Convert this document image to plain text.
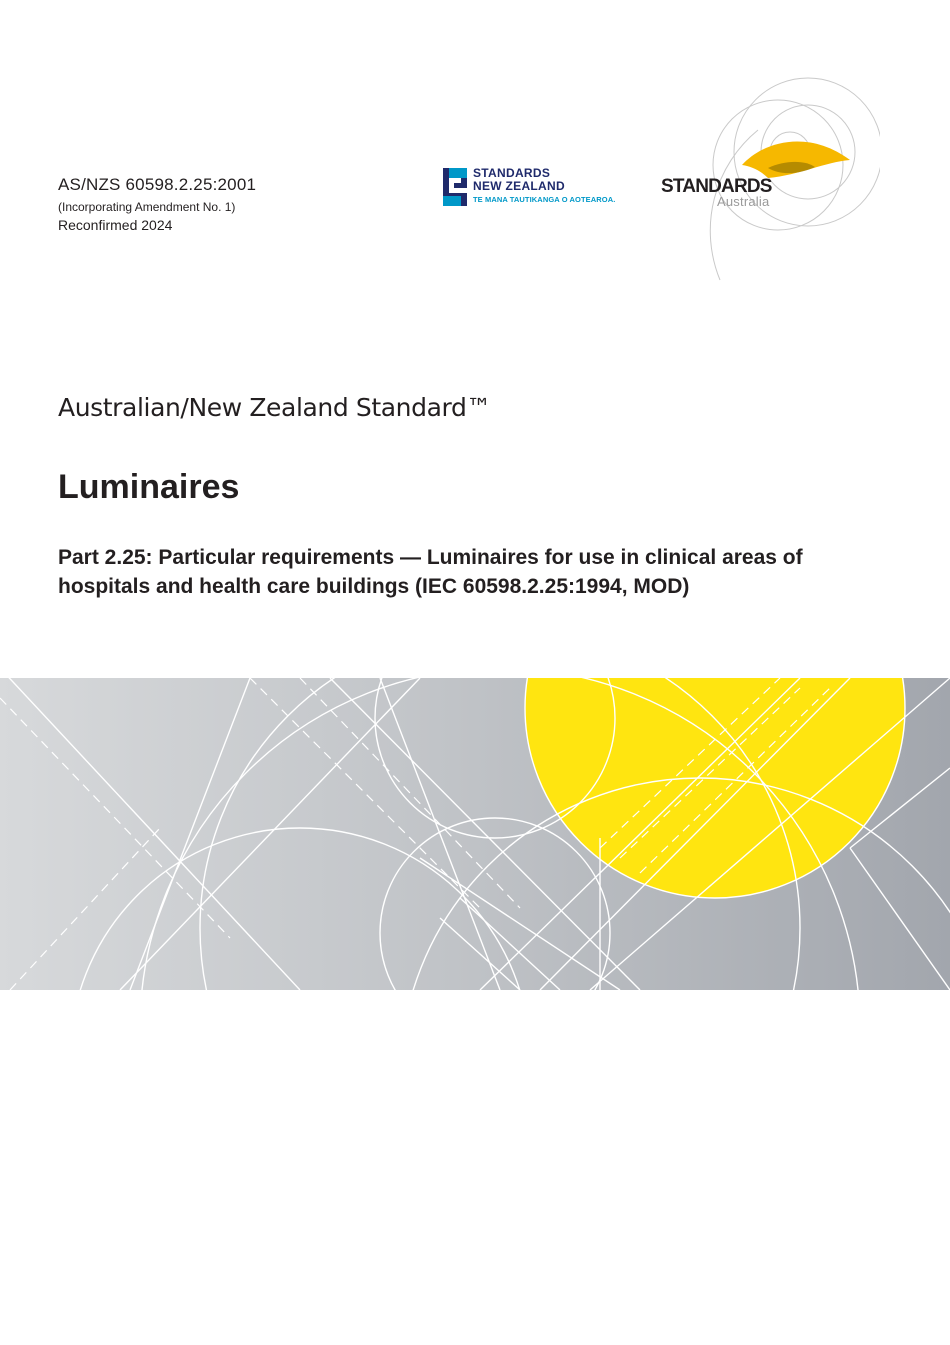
AS/NZS 60598.2.25:2001
(Incorporating Amendment No. 1)
Reconfirmed 2024
STANDARDS
NEW ZEALAND
TE MANA TAUTIKANGA O AOTEAROA.
STANDARDS
Australia
Australian/New Zealand Standard™
Luminaires
Part 2.25: Particular requirements — Luminaires for use in clinical areas of hospitals and health care buildings (IEC 60598.2.25:1994, MOD)
